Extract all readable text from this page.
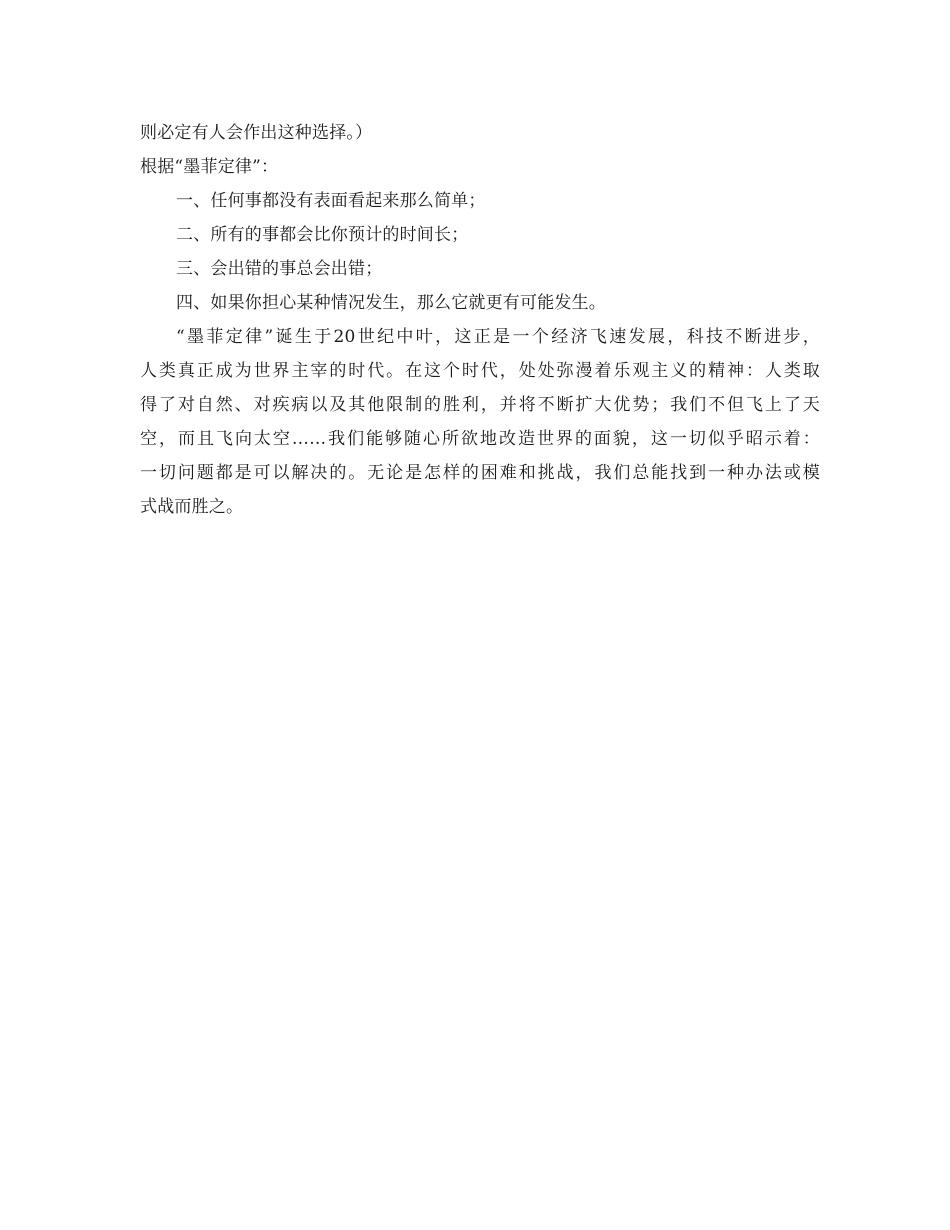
则必定有人会作出这种选择。）
根据“墨菲定律”：
一、任何事都没有表面看起来那么简单；
二、所有的事都会比你预计的时间长；
三、会出错的事总会出错；
四、如果你担心某种情况发生，那么它就更有可能发生。
“墨菲定律”诞生于20世纪中叶，这正是一个经济飞速发展，科技不断进步，
人类真正成为世界主宰的时代。在这个时代，处处弥漫着乐观主义的精神：人类取
得了对自然、对疾病以及其他限制的胜利，并将不断扩大优势；我们不但飞上了天
空，而且飞向太空……我们能够随心所欲地改造世界的面貌，这一切似乎昭示着：
一切问题都是可以解决的。无论是怎样的困难和挑战，我们总能找到一种办法或模
式战而胜之。
